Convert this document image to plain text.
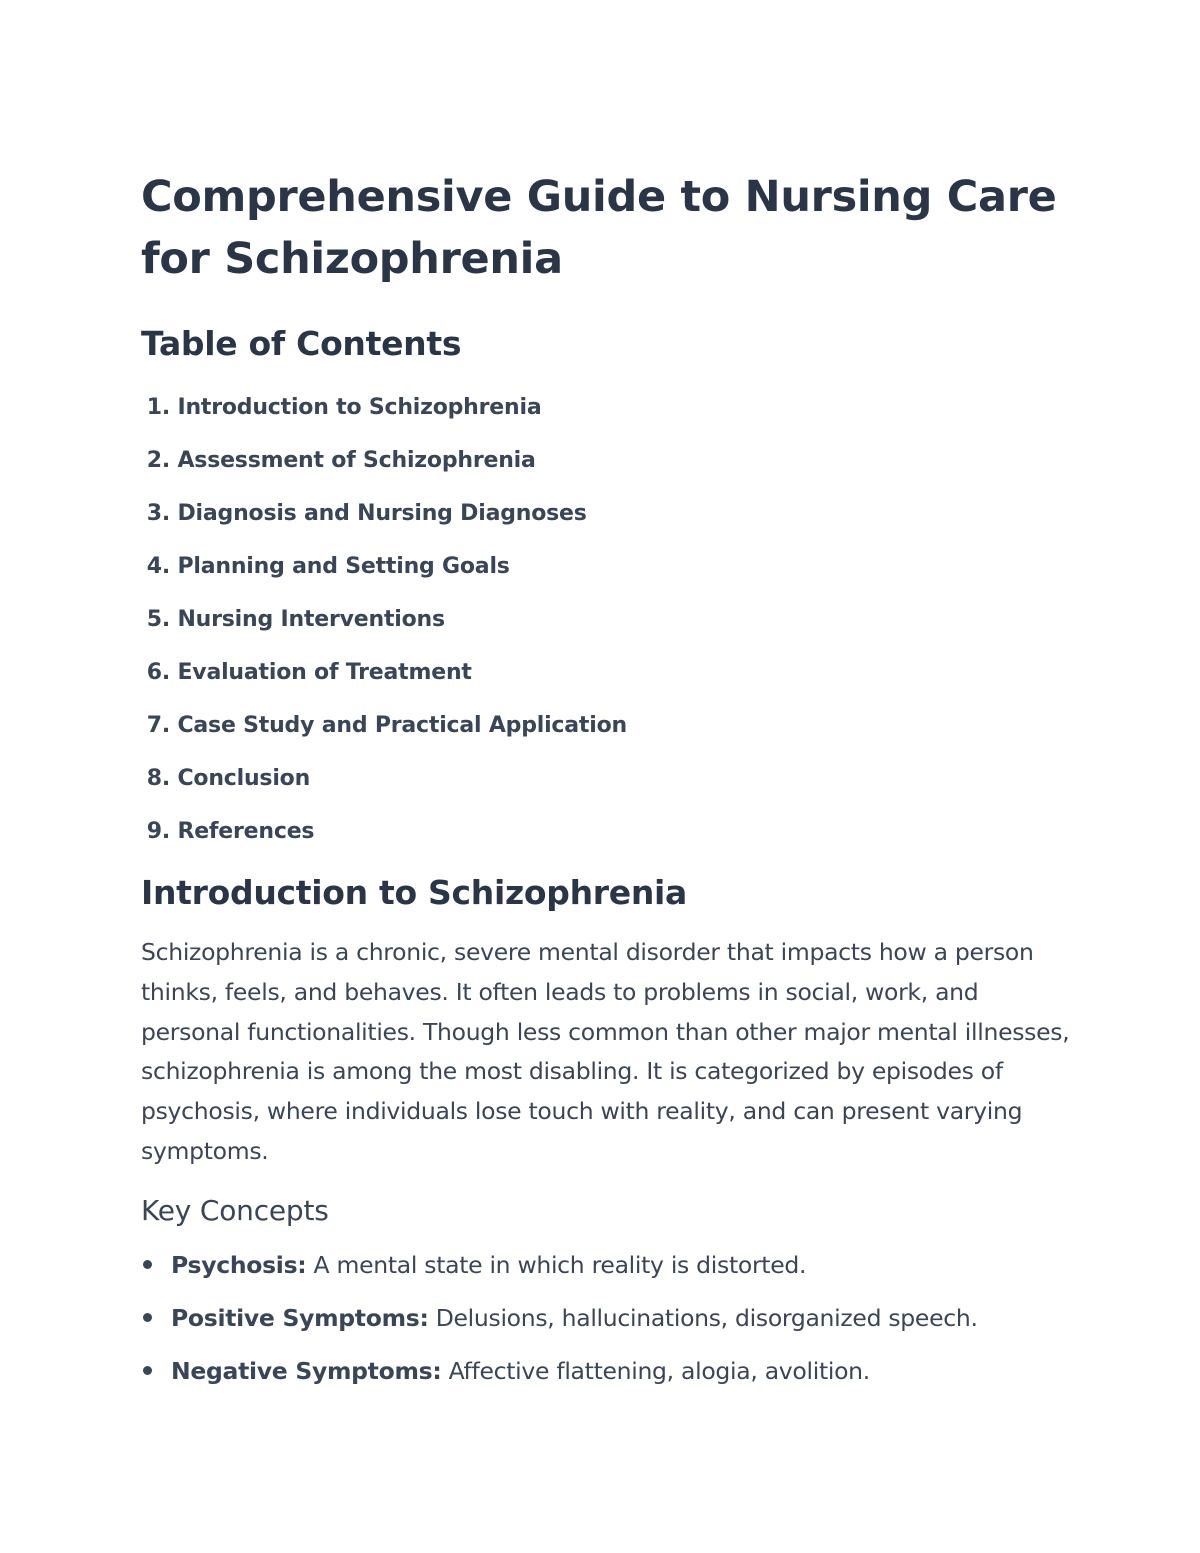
Comprehensive Guide to Nursing Care for Schizophrenia
Table of Contents
1. Introduction to Schizophrenia
2. Assessment of Schizophrenia
3. Diagnosis and Nursing Diagnoses
4. Planning and Setting Goals
5. Nursing Interventions
6. Evaluation of Treatment
7. Case Study and Practical Application
8. Conclusion
9. References
Introduction to Schizophrenia

Schizophrenia is a chronic, severe mental disorder that impacts how a person thinks, feels, and behaves. It often leads to problems in social, work, and personal functionalities. Though less common than other major mental illnesses, schizophrenia is among the most disabling. It is categorized by episodes of psychosis, where individuals lose touch with reality, and can present varying symptoms.

Key Concepts
Psychosis: A mental state in which reality is distorted.
Positive Symptoms: Delusions, hallucinations, disorganized speech.
Negative Symptoms: Affective flattening, alogia, avolition.
